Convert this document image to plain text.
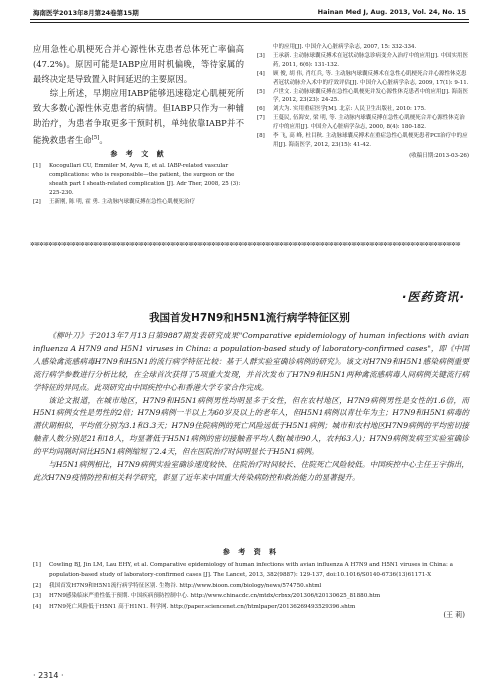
海南医学2013年8月第24卷第15期	Hainan Med J, Aug. 2013, Vol. 24, No. 15

应用急性心肌梗死合并心源性休克患者总体死亡率偏高(47.2%)。原因可能是IABP应用时机偏晚，等待家属的最终决定是导致置入时间延迟的主要原因。

综上所述，早期应用IABP能够迅速稳定心肌梗死所致大多数心源性休克患者的病情。但IABP只作为一种辅助治疗，为患者争取更多干预时机，单纯依靠IABP并不能挽救患者生命[5]。

参 考 文 献
[1] Kocogullari CU, Emmiler M, Ayva E, et al. IABP-related vascular complications: who is responsible—the patient, the surgeon or the sheath part I sheath-related complication [J]. Adr Ther, 2008, 25 (3): 225-230.
[2] 王新刚, 陈 明, 霍 勇. 主动脉内球囊反搏在急性心肌梗死治疗
中的应用[J]. 中国介入心脏病学杂志, 2007, 15: 332-334.
[3] 王承新. 主动脉球囊反搏术在冠状动脉急诊病变介入治疗中的应用[J]. 中国实用医药, 2011, 6(6): 131-132.
[4] 顾 俊, 胡 伟, 肖红兵, 等. 主动脉内球囊反搏术在急性心肌梗死合并心源性休克患者冠状动脉介入术中的疗效评估[J]. 中国介入心脏病学杂志, 2009, 17(1): 9-11.
[5] 卢世文. 主动脉球囊反搏在急性心肌梗死并发心源性休克患者中的应用[J]. 海南医学, 2012, 23(23): 24-25.
[6] 刘大为. 实用重症医学[M]. 北京: 人民卫生出版社, 2010: 175.
[7] 王蔓民, 伍海安, 梁 明, 等. 主动脉内球囊反搏在急性心肌梗死合并心源性休克治疗中的应用[J]. 中国介入心脏病学杂志, 2000, 8(4): 180-182.
[8] 李 飞, 高 峰, 杜目秋. 主动脉球囊反搏术在重症急性心肌梗死患者PCI治疗中的应用[J]. 海南医学, 2012, 23(15): 41-42.
(收稿日期:2013-03-26)
✲✲✲✲✲✲✲✲✲✲✲✲✲✲✲✲✲✲✲✲✲✲✲✲✲✲✲✲✲✲✲✲✲✲✲✲✲✲✲✲✲✲✲✲✲✲✲✲✲✲✲✲✲✲✲✲✲✲✲✲✲✲✲✲✲✲✲✲✲✲✲✲✲✲✲✲✲✲✲✲✲✲✲✲✲✲✲✲✲✲✲✲✲✲✲
·医药资讯·
我国首发H7N9和H5N1流行病学特征区别

《柳叶刀》于2013年7月13日第9887期发表研究成果"Comparative epidemiology of human infections with avian influenza A H7N9 and H5N1 viruses in China: a population-based study of laboratory-confirmed cases"，即《中国人感染禽流感病毒H7N9和H5N1的流行病学特征比较：基于人群实验室确诊病例的研究》。该文对H7N9和H5N1感染病例重要流行病学参数进行分析比较，在全球首次获得了5项重大发现，并首次发布了H7N9和H5N1两种禽流感病毒人间病例关键流行病学特征的异同点。此项研究由中国疾控中心和香港大学专家合作完成。

该论文报道，在城市地区，H7N9和H5N1病例男性均明显多于女性，但在农村地区，H7N9病例男性是女性的1.6倍，而H5N1病例女性是男性的2倍；H7N9病例一半以上为60岁及以上的老年人，但H5N1病例以青壮年为主；H7N9和H5N1病毒的潜伏期相似，平均值分别为3.1和3.3天；H7N9住院病例的死亡风险远低于H5N1病例；城市和农村地区H7N9病例的平均密切接触者人数分别是21和18人，均显著低于H5N1病例的密切接触者平均人数(城市90人，农村63人)；H7N9病例发病至实验室确诊的平均间隔时间比H5N1病例缩短了2.4天，但在医院治疗时间明显长于H5N1病例。

与H5N1病例相比，H7N9病例实验室确诊速度较快、住院治疗时间较长、住院死亡风险较低。中国疾控中心主任王宇指出，此次H7N9疫情防控和相关科学研究，彰显了近年来中国重大传染病防控和救治能力的显著提升。

参 考 资 料
[1] Cowling BJ, Jin LM, Lau EHY, et al. Comparative epidemiology of human infections with avian influenza A H7N9 and H5N1 viruses in China: a population-based study of laboratory-confirmed cases [J]. The Lancet, 2013, 382(9887): 129-137, doi:10.1016/S0140-6736(13)61171-X
[2] 我国首发H7N9和H5N1流行病学特征区别. 生物谷. http://www.bioon.com/biology/news/574750.shtml
[3] H7N9感染临床严重性低于预期. 中国疾病预防控制中心. http://www.chinacdc.cn/mtdx/crbxx/201306/t20130625_81880.htm
[4] H7N9死亡风险低于H5N1 高于H1N1. 科学网. http://paper.sciencenet.cn//htmlpaper/20136269493529396.shtm
(王 莉)
· 2314 ·
